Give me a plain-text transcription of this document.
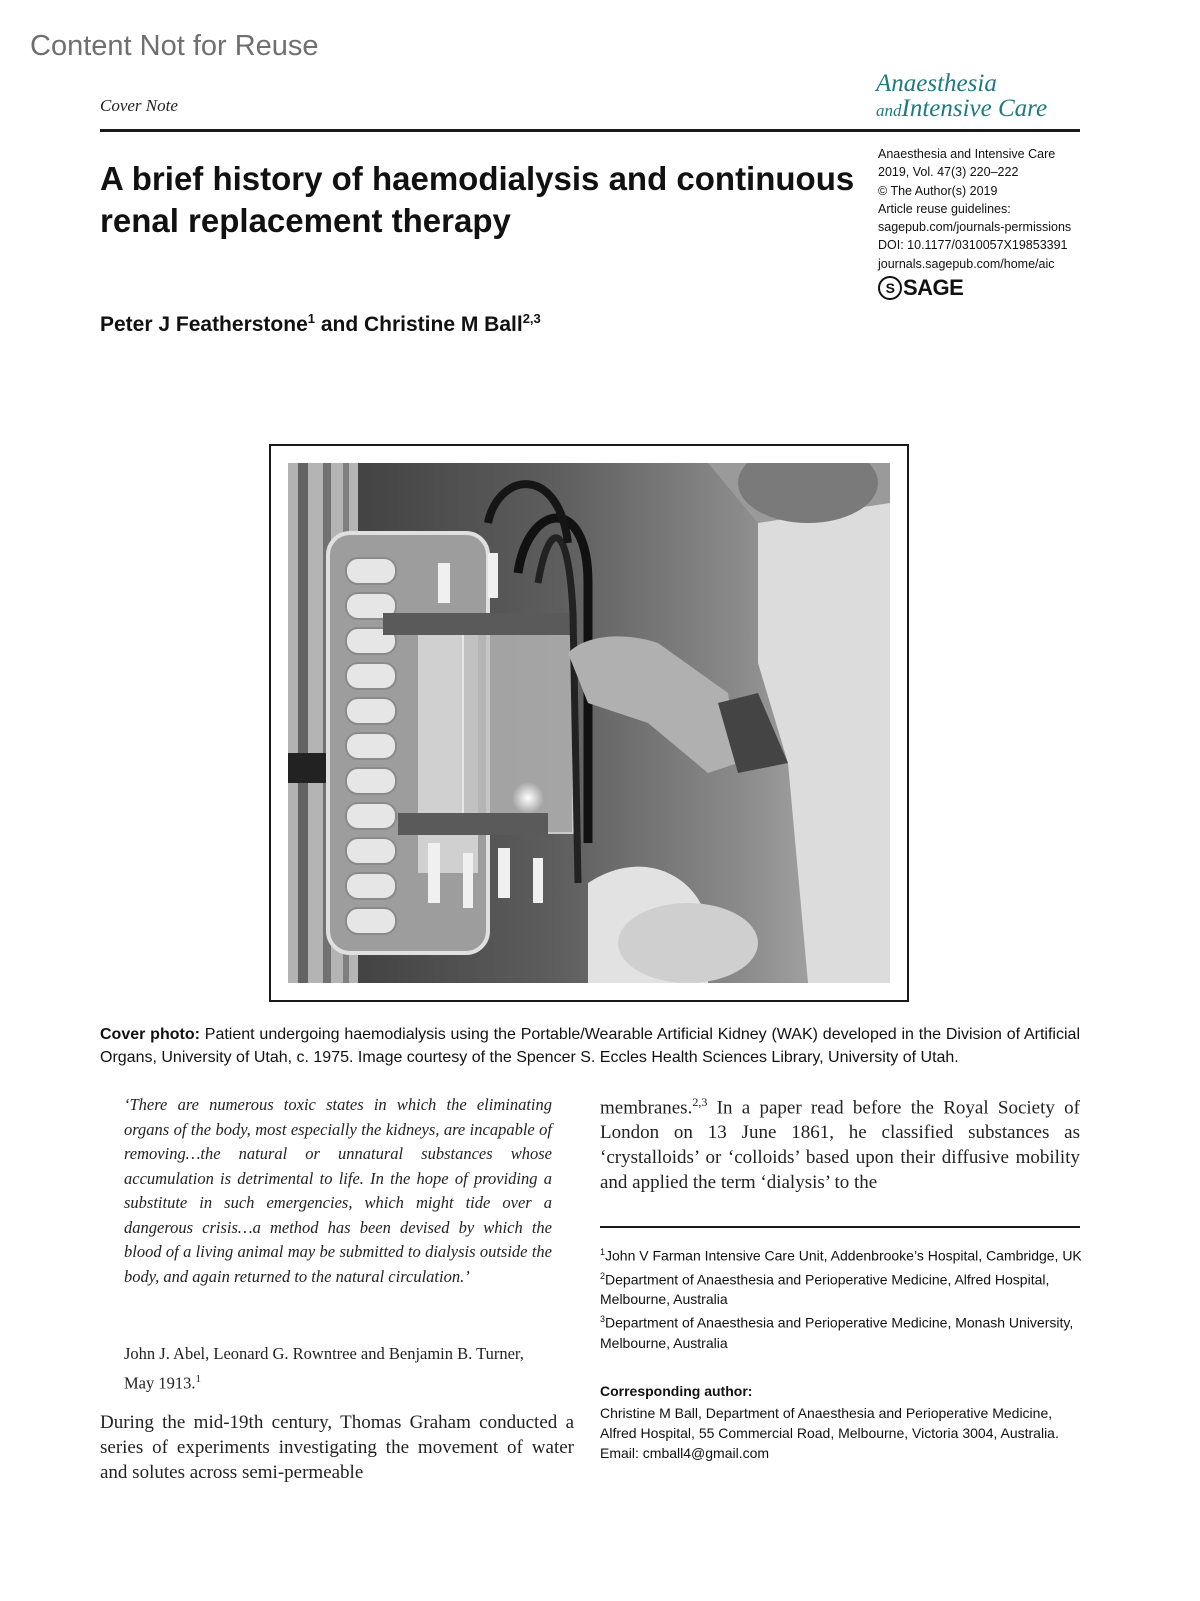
Content Not for Reuse
Cover Note
Anaesthesia
andIntensive Care
A brief history of haemodialysis and continuous renal replacement therapy
Peter J Featherstone$^1$ and Christine M Ball$^{2,3}$
Anaesthesia and Intensive Care
2019, Vol. 47(3) 220–222
© The Author(s) 2019
Article reuse guidelines:
sagepub.com/journals-permissions
DOI: 10.1177/0310057X19853391
journals.sagepub.com/home/aic
S SAGE
Cover photo: Patient undergoing haemodialysis using the Portable/Wearable Artificial Kidney (WAK) developed in the Division of Artificial Organs, University of Utah, c. 1975. Image courtesy of the Spencer S. Eccles Health Sciences Library, University of Utah.
‘There are numerous toxic states in which the eliminating organs of the body, most especially the kidneys, are incapable of removing…the natural or unnatural substances whose accumulation is detrimental to life. In the hope of providing a substitute in such emergencies, which might tide over a dangerous crisis…a method has been devised by which the blood of a living animal may be submitted to dialysis outside the body, and again returned to the natural circulation.’
John J. Abel, Leonard G. Rowntree and Benjamin B. Turner, May 1913.$^1$
During the mid-19th century, Thomas Graham conducted a series of experiments investigating the movement of water and solutes across semi-permeable
membranes.$^{2,3}$ In a paper read before the Royal Society of London on 13 June 1861, he classified substances as ‘crystalloids’ or ‘colloids’ based upon their diffusive mobility and applied the term ‘dialysis’ to the
$^1$John V Farman Intensive Care Unit, Addenbrooke’s Hospital, Cambridge, UK
$^2$Department of Anaesthesia and Perioperative Medicine, Alfred Hospital, Melbourne, Australia
$^3$Department of Anaesthesia and Perioperative Medicine, Monash University, Melbourne, Australia
Corresponding author:
Christine M Ball, Department of Anaesthesia and Perioperative Medicine, Alfred Hospital, 55 Commercial Road, Melbourne, Victoria 3004, Australia.
Email: cmball4@gmail.com
